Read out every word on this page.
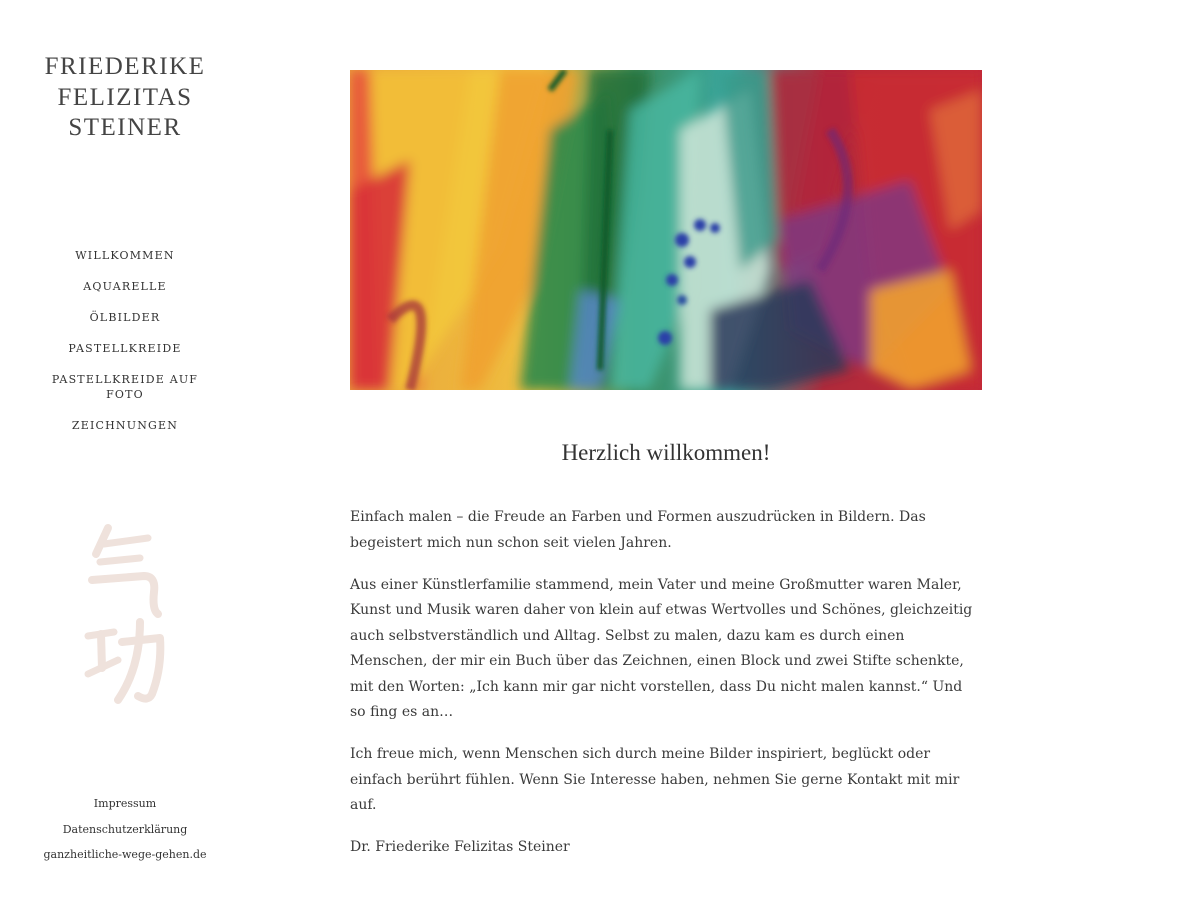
FRIEDERIKE
FELIZITAS
STEINER
WILLKOMMEN
AQUARELLE
ÖLBILDER
PASTELLKREIDE
PASTELLKREIDE AUF FOTO
ZEICHNUNGEN
Impressum
Datenschutzerklärung
ganzheitliche-wege-gehen.de
Herzlich willkommen!

Einfach malen – die Freude an Farben und Formen auszudrücken in Bildern. Das begeistert mich nun schon seit vielen Jahren.

Aus einer Künstlerfamilie stammend, mein Vater und meine Großmutter waren Maler, Kunst und Musik waren daher von klein auf etwas Wertvolles und Schönes, gleichzeitig auch selbstverständlich und Alltag. Selbst zu malen, dazu kam es durch einen Menschen, der mir ein Buch über das Zeichnen, einen Block und zwei Stifte schenkte, mit den Worten: „Ich kann mir gar nicht vorstellen, dass Du nicht malen kannst.“ Und so fing es an…

Ich freue mich, wenn Menschen sich durch meine Bilder inspiriert, beglückt oder einfach berührt fühlen. Wenn Sie Interesse haben, nehmen Sie gerne Kontakt mit mir auf.

Dr. Friederike Felizitas Steiner
